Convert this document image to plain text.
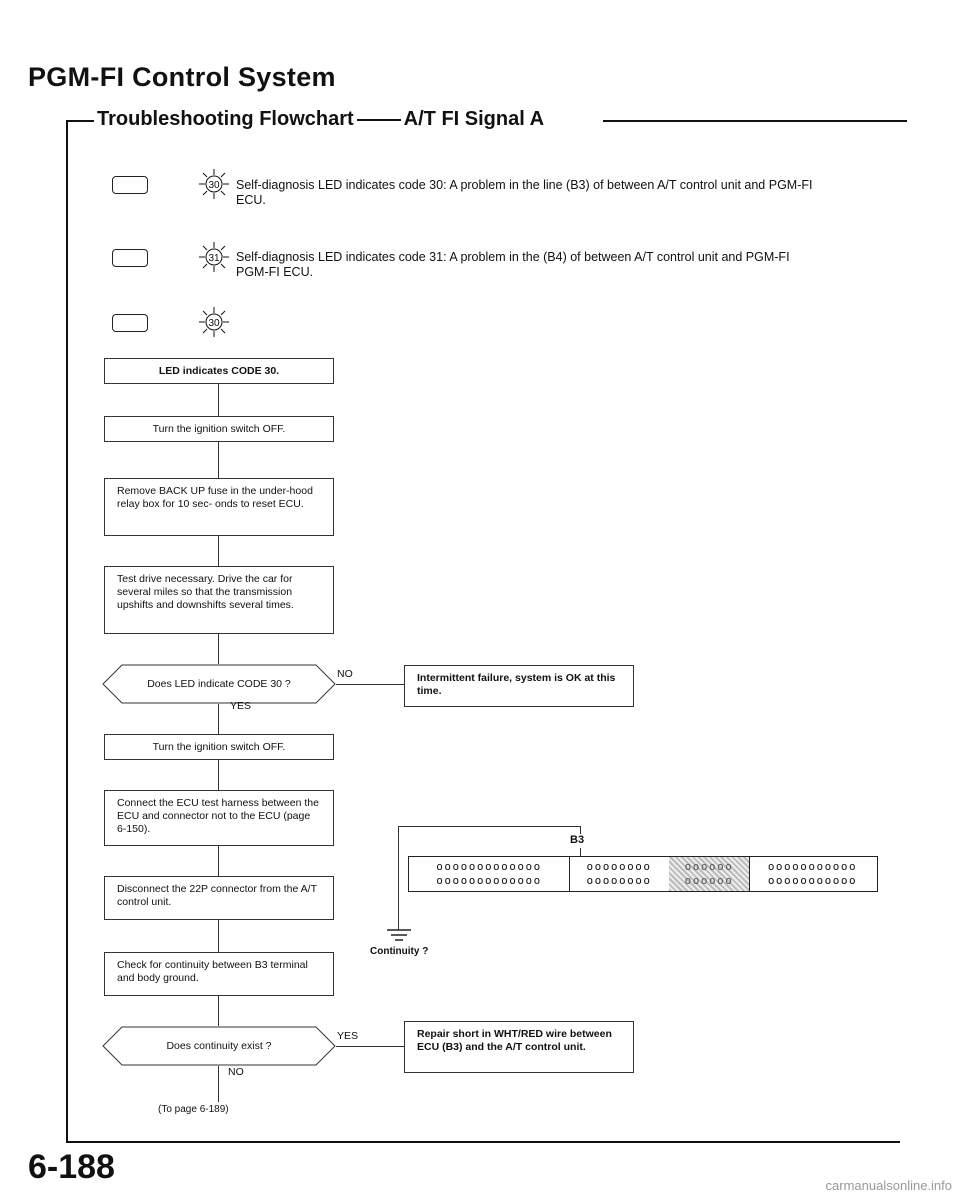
PGM-FI Control System
Troubleshooting Flowchart	A/T FI Signal A
30 Self-diagnosis LED indicates code 30: A problem in the line (B3) of between A/T control unit and PGM-FI
ECU.
31 Self-diagnosis LED indicates code 31: A problem in the (B4) of between A/T control unit and PGM-FI
PGM-FI ECU.
30
LED indicates CODE 30.
Turn the ignition switch OFF.
Remove BACK UP fuse in the under-hood relay box for 10 sec- onds to reset ECU.
Test drive necessary. Drive the car for several miles so that the transmission upshifts and downshifts several times.
Does LED indicate CODE 30 ?
NO	Intermittent failure, system is OK at this time.
YES
Turn the ignition switch OFF.
Connect the ECU test harness between the ECU and connector not to the ECU (page 6-150).
Disconnect the 22P connector from the A/T control unit.
Check for continuity between B3 terminal and body ground.
Does continuity exist ?
YES	Repair short in WHT/RED wire between ECU (B3) and the A/T control unit.
NO
(To page 6-189)
B3
ooooooooooooo
ooooooooooooo
oooooooo
oooooooo
oooooo
oooooo
ooooooooooo
ooooooooooo
Continuity ?
6-188	carmanualsonline.info
